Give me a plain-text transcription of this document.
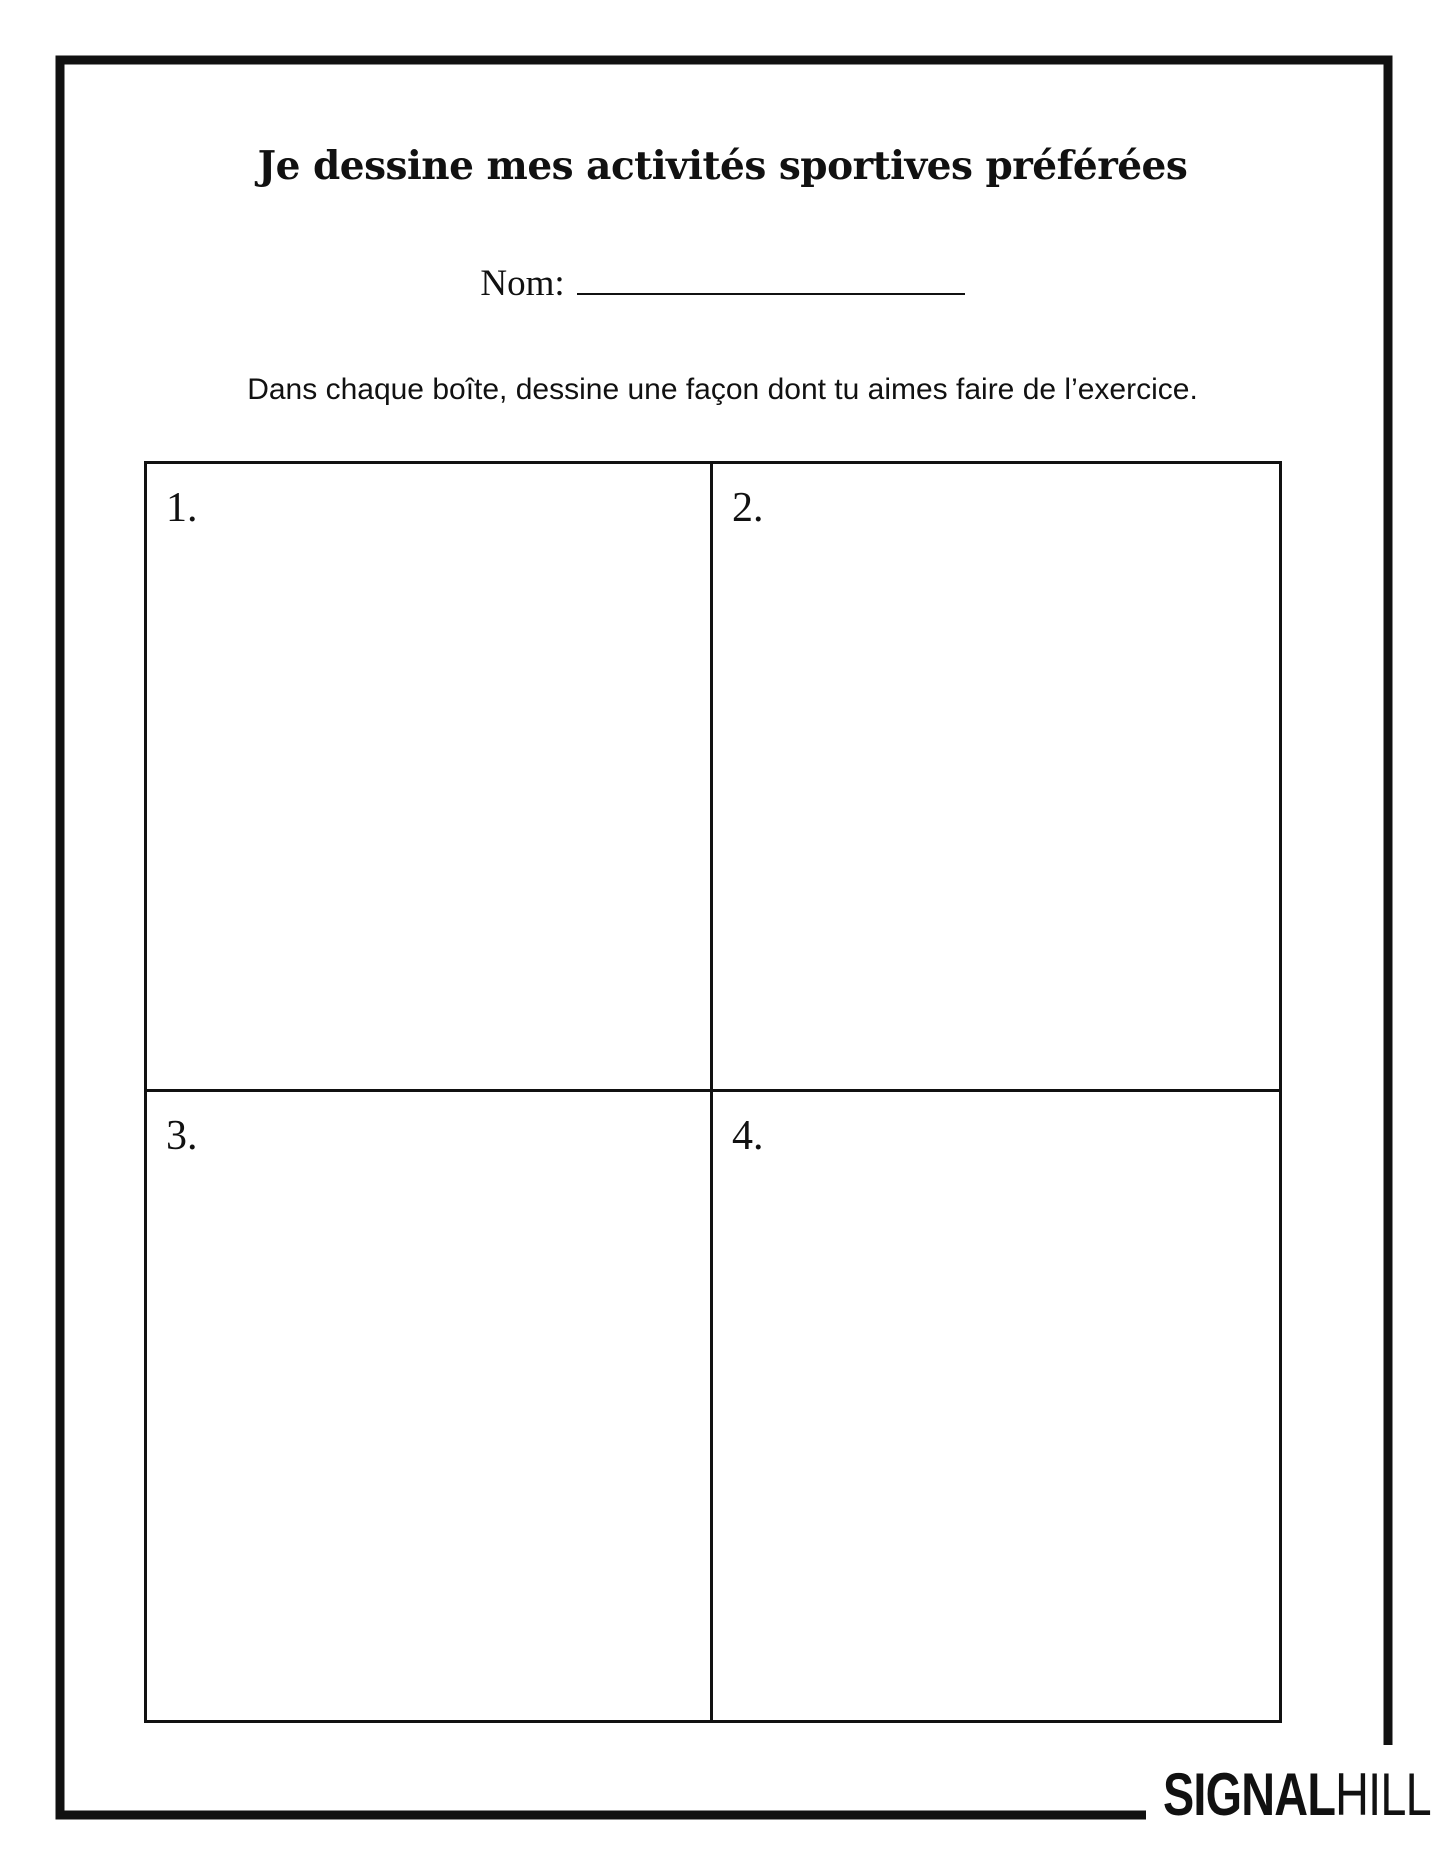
Je dessine mes activités sportives préférées
Nom:
Dans chaque boîte, dessine une façon dont tu aimes faire de l’exercice.
1.	2.
3.	4.
SIGNALHILL
